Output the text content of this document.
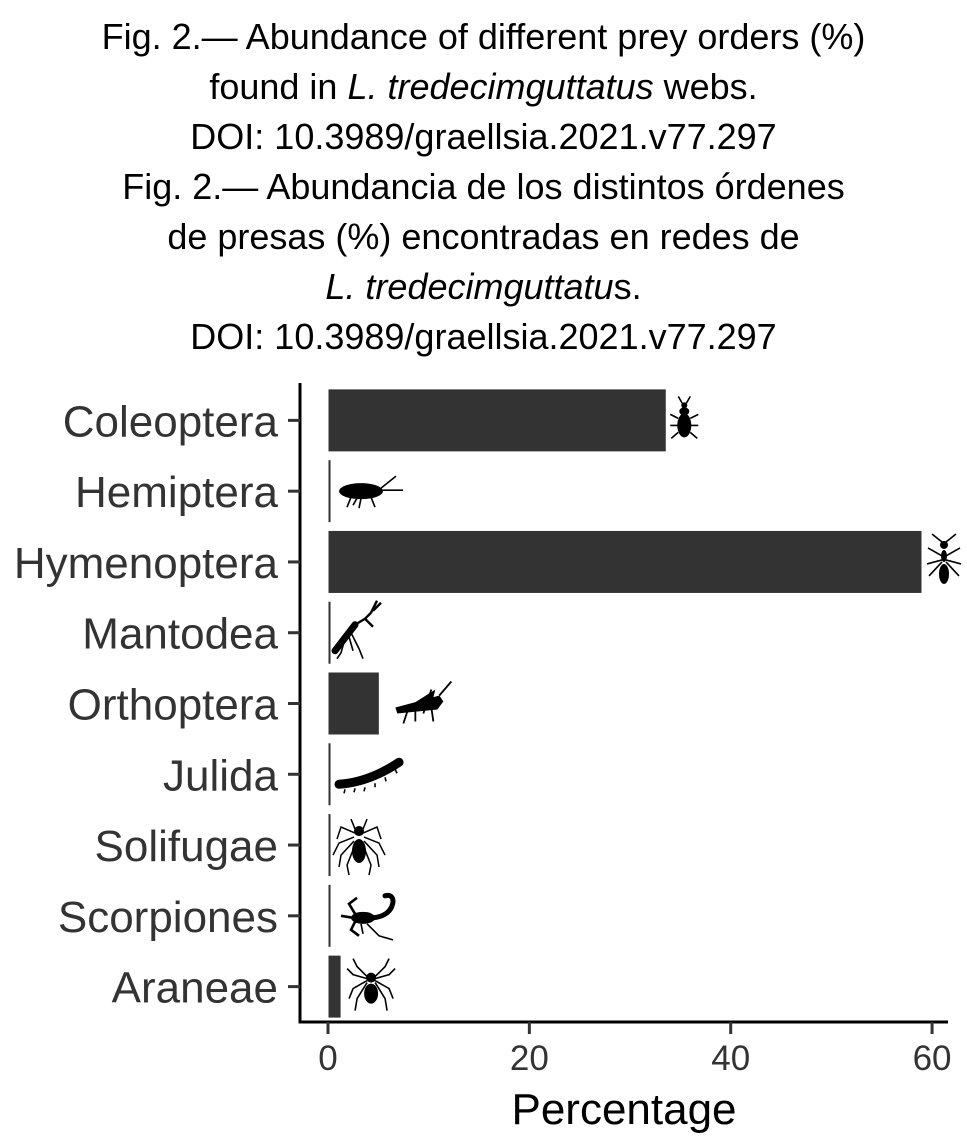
Fig. 2.— Abundance of different prey orders (%)
found in L. tredecimguttatus webs.
DOI: 10.3989/graellsia.2021.v77.297
Fig. 2.— Abundancia de los distintos órdenes
de presas (%) encontradas en redes de
L. tredecimguttatus.
DOI: 10.3989/graellsia.2021.v77.297
Coleoptera
Hemiptera
Hymenoptera
Mantodea
Orthoptera
Julida
Solifugae
Scorpiones
Araneae
0	20	40	60
Percentage
